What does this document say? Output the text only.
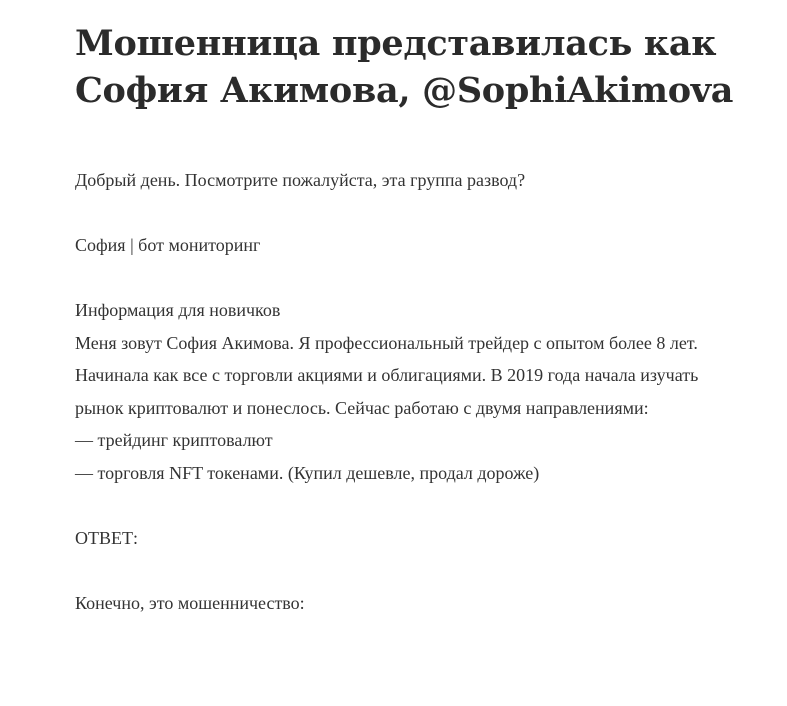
Мошенница представилась как София Акимова, @SophiAkimova

Добрый день. Посмотрите пожалуйста, эта группа развод?

София | бот мониторинг

Информация для новичков
Меня зовут София Акимова. Я профессиональный трейдер с опытом более 8 лет. Начинала как все с торговли акциями и облигациями. В 2019 года начала изучать рынок криптовалют и понеслось. Сейчас работаю с двумя направлениями:
— трейдинг криптовалют
— торговля NFT токенами. (Купил дешевле, продал дороже)

ОТВЕТ:

Конечно, это мошенничество:
